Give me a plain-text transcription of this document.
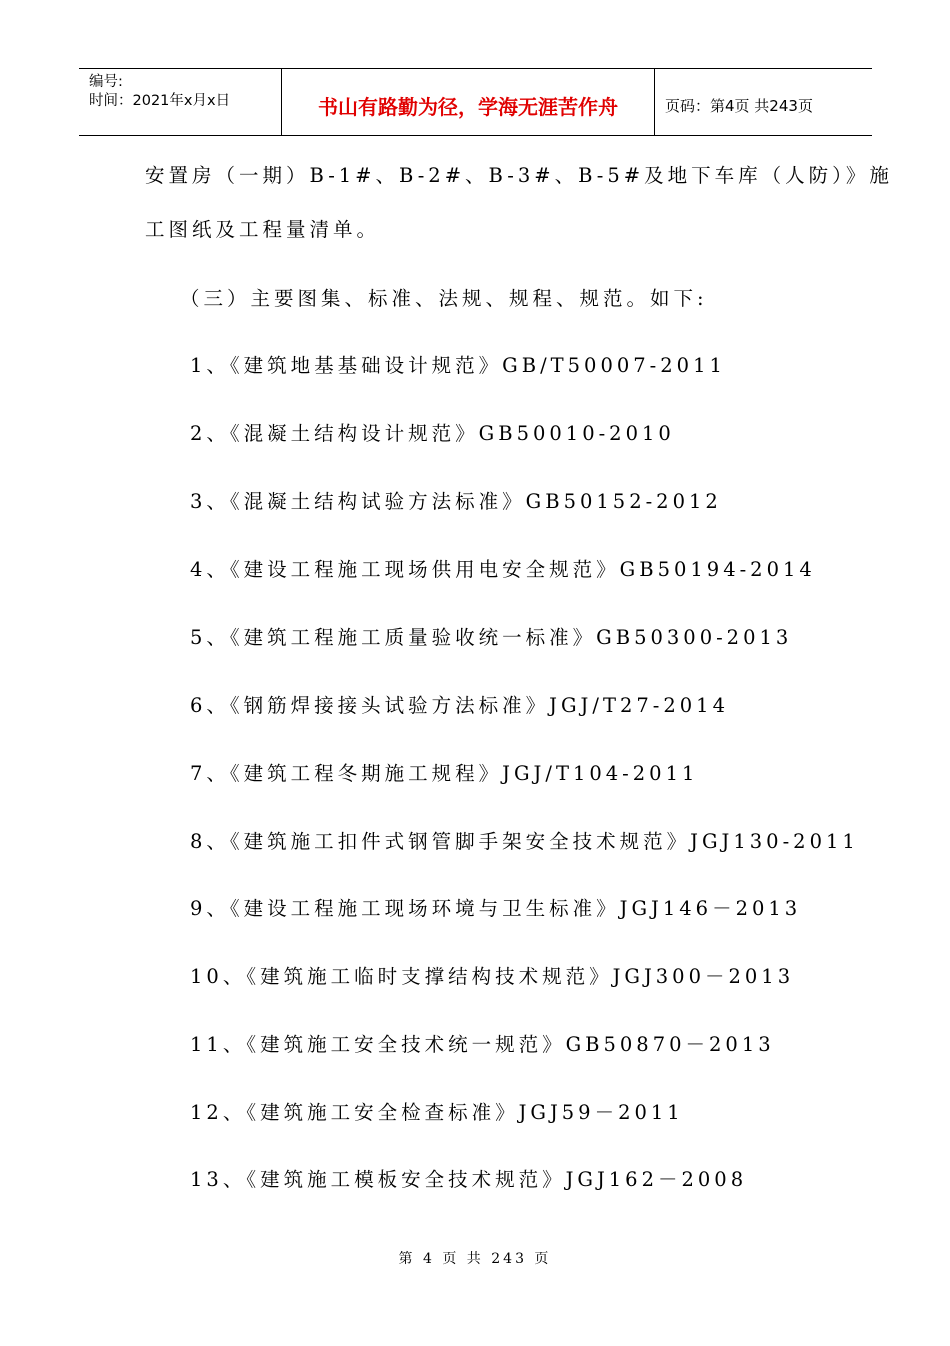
编号:
时间：2021年x月x日	书山有路勤为径，学海无涯苦作舟	页码：第4页 共243页
安置房（一期）B-1#、B-2#、B-3#、B-5#及地下车库（人防）》施
工图纸及工程量清单。
（三）主要图集、标准、法规、规程、规范。如下:
1、《建筑地基基础设计规范》GB/T50007-2011
2、《混凝土结构设计规范》GB50010-2010
3、《混凝土结构试验方法标准》GB50152-2012
4、《建设工程施工现场供用电安全规范》GB50194-2014
5、《建筑工程施工质量验收统一标准》GB50300-2013
6、《钢筋焊接接头试验方法标准》JGJ/T27-2014
7、《建筑工程冬期施工规程》JGJ/T104-2011
8、《建筑施工扣件式钢管脚手架安全技术规范》JGJ130-2011
9、《建设工程施工现场环境与卫生标准》JGJ146－2013
10、《建筑施工临时支撑结构技术规范》JGJ300－2013
11、《建筑施工安全技术统一规范》GB50870－2013
12、《建筑施工安全检查标准》JGJ59－2011
13、《建筑施工模板安全技术规范》JGJ162－2008
第 4 页 共 243 页
